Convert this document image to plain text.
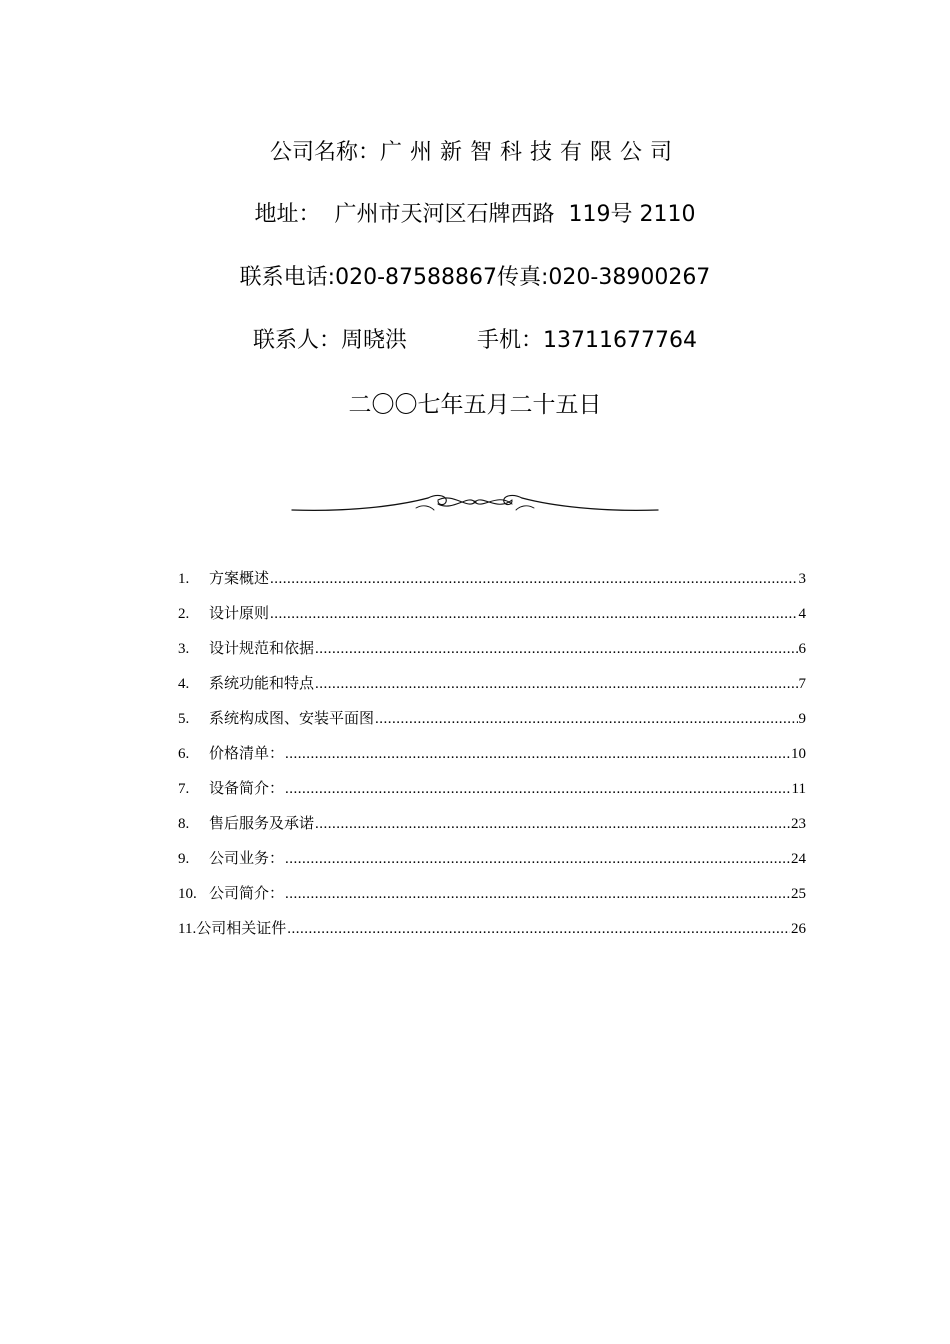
公司名称：广州新智科技有限公司
地址：  广州市天河区石牌西路  119号 2110
联系电话:020-87588867传真:020-38900267
联系人：周晓洪          手机：13711677764
二〇〇七年五月二十五日
1.	方案概述 .....	3
2.	设计原则 .....	4
3.	设计规范和依据 .....	6
4.	系统功能和特点 .....	7
5.	系统构成图、安装平面图 .....	9
6.	价格清单： .....	10
7.	设备简介： .....	11
8.	售后服务及承诺 .....	23
9.	公司业务： .....	24
10. 公司简介： .....	25
11. 公司相关证件 .....	26
